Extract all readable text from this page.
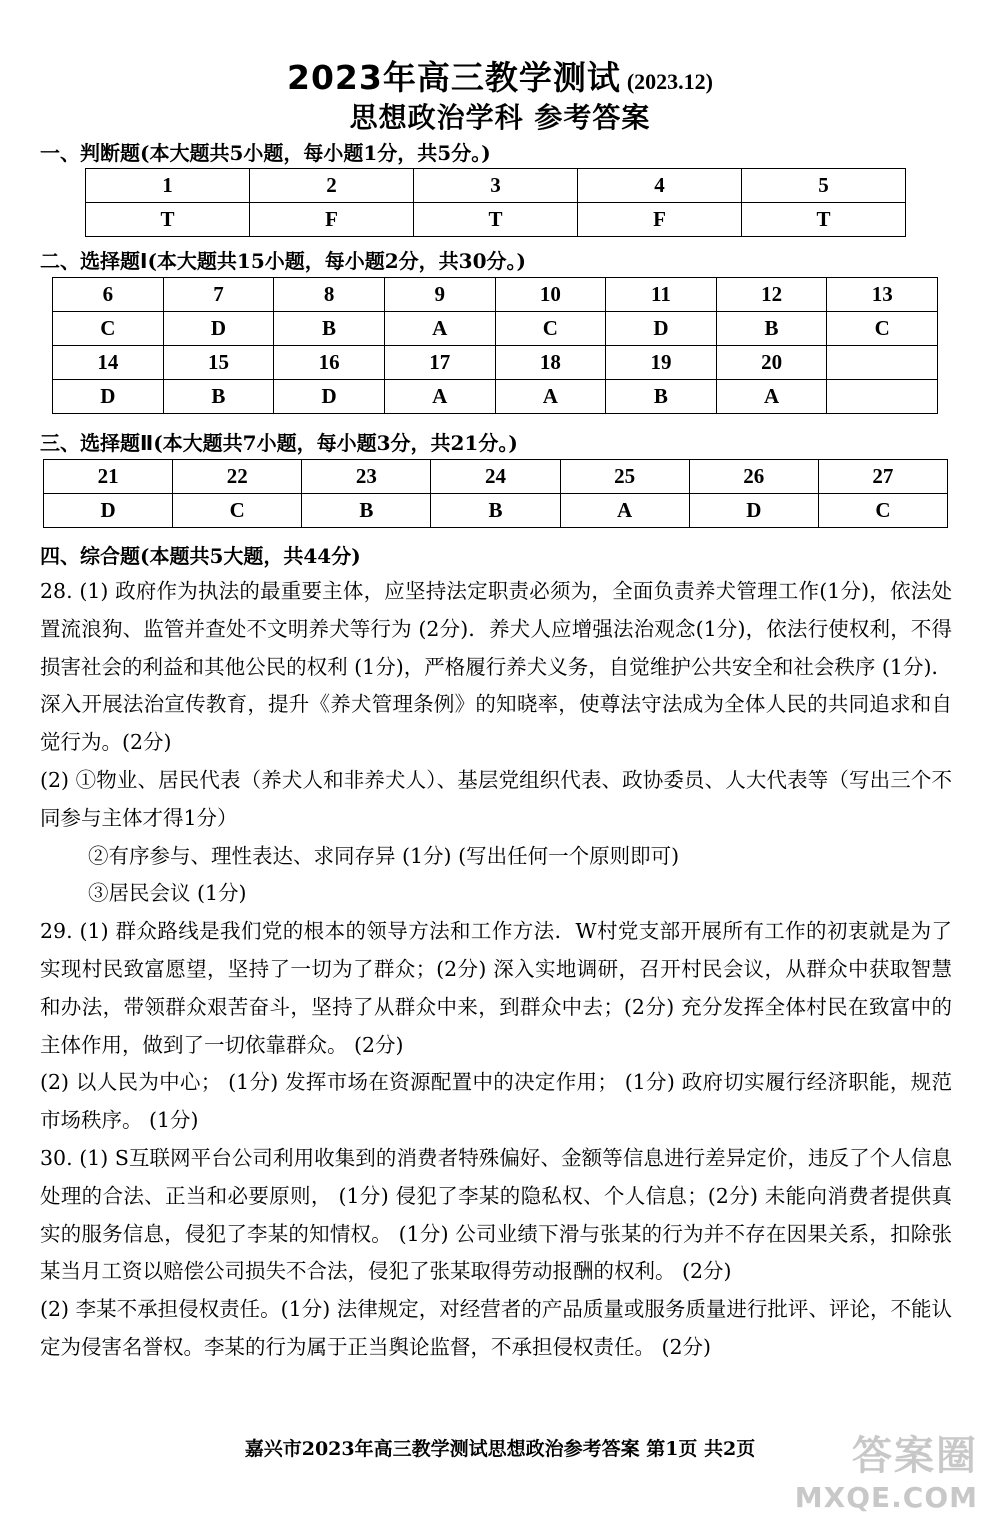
2023年高三教学测试 (2023.12)
思想政治学科 参考答案
一、判断题(本大题共5小题，每小题1分，共5分。)
1	2	3	4	5
T	F	T	F	T
二、选择题Ⅰ(本大题共15小题，每小题2分，共30分。)
6	7	8	9	10	11	12	13
C	D	B	A	C	D	B	C
14	15	16	17	18	19	20	
D	B	D	A	A	B	A	
三、选择题Ⅱ(本大题共7小题，每小题3分，共21分。)
21	22	23	24	25	26	27
D	C	B	B	A	D	C
四、综合题(本题共5大题，共44分)

28. (1) 政府作为执法的最重要主体，应坚持法定职责必须为，全面负责养犬管理工作(1分)，依法处置流浪狗、监管并查处不文明养犬等行为 (2分)．养犬人应增强法治观念(1分)，依法行使权利，不得损害社会的利益和其他公民的权利 (1分)，严格履行养犬义务，自觉维护公共安全和社会秩序 (1分)．深入开展法治宣传教育，提升《养犬管理条例》的知晓率，使尊法守法成为全体人民的共同追求和自觉行为。(2分)

(2) ①物业、居民代表（养犬人和非养犬人）、基层党组织代表、政协委员、人大代表等（写出三个不同参与主体才得1分）

②有序参与、理性表达、求同存异 (1分) (写出任何一个原则即可)

③居民会议 (1分)

29. (1) 群众路线是我们党的根本的领导方法和工作方法．W村党支部开展所有工作的初衷就是为了实现村民致富愿望，坚持了一切为了群众；(2分) 深入实地调研，召开村民会议，从群众中获取智慧和办法，带领群众艰苦奋斗，坚持了从群众中来，到群众中去；(2分) 充分发挥全体村民在致富中的主体作用，做到了一切依靠群众。 (2分)

(2) 以人民为中心； (1分) 发挥市场在资源配置中的决定作用； (1分) 政府切实履行经济职能，规范市场秩序。 (1分)

30. (1) S互联网平台公司利用收集到的消费者特殊偏好、金额等信息进行差异定价，违反了个人信息处理的合法、正当和必要原则， (1分) 侵犯了李某的隐私权、个人信息；(2分) 未能向消费者提供真实的服务信息，侵犯了李某的知情权。 (1分) 公司业绩下滑与张某的行为并不存在因果关系，扣除张某当月工资以赔偿公司损失不合法，侵犯了张某取得劳动报酬的权利。 (2分)

(2) 李某不承担侵权责任。(1分) 法律规定，对经营者的产品质量或服务质量进行批评、评论，不能认定为侵害名誉权。李某的行为属于正当舆论监督，不承担侵权责任。 (2分)

嘉兴市2023年高三教学测试思想政治参考答案 第1页 共2页	答案圈
MXQE.COM
